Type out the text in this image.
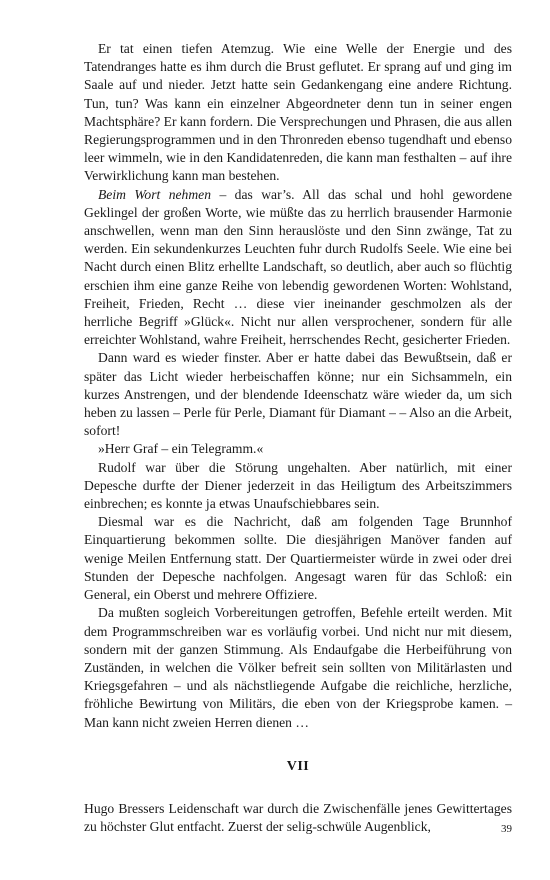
Er tat einen tiefen Atemzug. Wie eine Welle der Energie und des Tatendranges hatte es ihm durch die Brust geflutet. Er sprang auf und ging im Saale auf und nieder. Jetzt hatte sein Gedankengang eine andere Richtung. Tun, tun? Was kann ein einzelner Abgeordneter denn tun in seiner engen Machtsphäre? Er kann fordern. Die Versprechungen und Phrasen, die aus allen Regierungsprogrammen und in den Thronreden ebenso tugendhaft und ebenso leer wimmeln, wie in den Kandidatenreden, die kann man festhalten – auf ihre Verwirklichung kann man bestehen.

Beim Wort nehmen – das war’s. All das schal und hohl gewordene Geklingel der großen Worte, wie müßte das zu herrlich brausender Harmonie anschwellen, wenn man den Sinn herauslöste und den Sinn zwänge, Tat zu werden. Ein sekundenkurzes Leuchten fuhr durch Rudolfs Seele. Wie eine bei Nacht durch einen Blitz erhellte Landschaft, so deutlich, aber auch so flüchtig erschien ihm eine ganze Reihe von lebendig gewordenen Worten: Wohlstand, Freiheit, Frieden, Recht … diese vier ineinander geschmolzen als der herrliche Begriff »Glück«. Nicht nur allen versprochener, sondern für alle erreichter Wohlstand, wahre Freiheit, herrschendes Recht, gesicherter Frieden.

Dann ward es wieder finster. Aber er hatte dabei das Bewußtsein, daß er später das Licht wieder herbeischaffen könne; nur ein Sichsammeln, ein kurzes Anstrengen, und der blendende Ideenschatz wäre wieder da, um sich heben zu lassen – Perle für Perle, Diamant für Diamant – – Also an die Arbeit, sofort!

»Herr Graf – ein Telegramm.«

Rudolf war über die Störung ungehalten. Aber natürlich, mit einer Depesche durfte der Diener jederzeit in das Heiligtum des Arbeitszimmers einbrechen; es konnte ja etwas Unaufschiebbares sein.

Diesmal war es die Nachricht, daß am folgenden Tage Brunnhof Einquartierung bekommen sollte. Die diesjährigen Manöver fanden auf wenige Meilen Entfernung statt. Der Quartiermeister würde in zwei oder drei Stunden der Depesche nachfolgen. Angesagt waren für das Schloß: ein General, ein Oberst und mehrere Offiziere.

Da mußten sogleich Vorbereitungen getroffen, Befehle erteilt werden. Mit dem Programmschreiben war es vorläufig vorbei. Und nicht nur mit diesem, sondern mit der ganzen Stimmung. Als Endaufgabe die Herbeiführung von Zuständen, in welchen die Völker befreit sein sollten von Militärlasten und Kriegsgefahren – und als nächstliegende Aufgabe die reichliche, herzliche, fröhliche Bewirtung von Militärs, die eben von der Kriegsprobe kamen. – Man kann nicht zweien Herren dienen …

VII

Hugo Bressers Leidenschaft war durch die Zwischenfälle jenes Gewittertages zu höchster Glut entfacht. Zuerst der selig-schwüle Augenblick,	39
